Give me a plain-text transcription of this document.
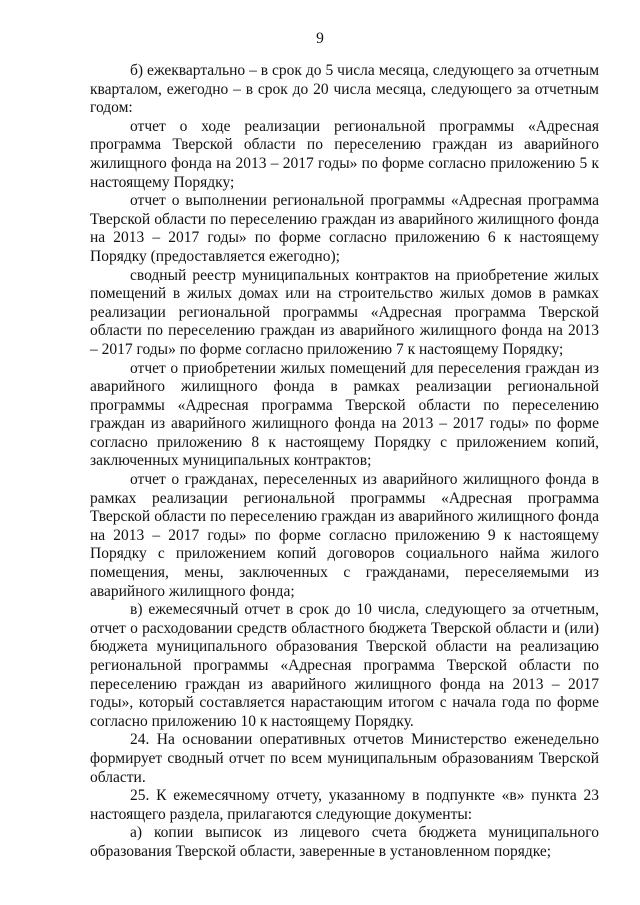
9

б) ежеквартально – в срок до 5 числа месяца, следующего за отчетным кварталом, ежегодно – в срок до 20 числа месяца, следующего за отчетным годом:

отчет о ходе реализации региональной программы «Адресная программа Тверской области по переселению граждан из аварийного жилищного фонда на 2013 – 2017 годы» по форме согласно приложению 5 к настоящему Порядку;

отчет о выполнении региональной программы «Адресная программа Тверской области по переселению граждан из аварийного жилищного фонда на 2013 – 2017 годы» по форме согласно приложению 6 к настоящему Порядку (предоставляется ежегодно);

сводный реестр муниципальных контрактов на приобретение жилых помещений в жилых домах или на строительство жилых домов в рамках реализации региональной программы «Адресная программа Тверской области по переселению граждан из аварийного жилищного фонда на 2013 – 2017 годы» по форме согласно приложению 7 к настоящему Порядку;

отчет о приобретении жилых помещений для переселения граждан из аварийного жилищного фонда в рамках реализации региональной программы «Адресная программа Тверской области по переселению граждан из аварийного жилищного фонда на 2013 – 2017 годы» по форме согласно приложению 8 к настоящему Порядку с приложением копий, заключенных муниципальных контрактов;

отчет о гражданах, переселенных из аварийного жилищного фонда в рамках реализации региональной программы «Адресная программа Тверской области по переселению граждан из аварийного жилищного фонда на 2013 – 2017 годы» по форме согласно приложению 9 к настоящему Порядку с приложением копий договоров социального найма жилого помещения, мены, заключенных с гражданами, переселяемыми из аварийного жилищного фонда;

в) ежемесячный отчет в срок до 10 числа, следующего за отчетным, отчет о расходовании средств областного бюджета Тверской области и (или) бюджета муниципального образования Тверской области на реализацию региональной программы «Адресная программа Тверской области по переселению граждан из аварийного жилищного фонда на 2013 – 2017 годы», который составляется нарастающим итогом с начала года по форме согласно приложению 10 к настоящему Порядку.

24. На основании оперативных отчетов Министерство еженедельно формирует сводный отчет по всем муниципальным образованиям Тверской области.

25. К ежемесячному отчету, указанному в подпункте «в» пункта 23 настоящего раздела, прилагаются следующие документы:

а) копии выписок из лицевого счета бюджета муниципального образования Тверской области, заверенные в установленном порядке;
